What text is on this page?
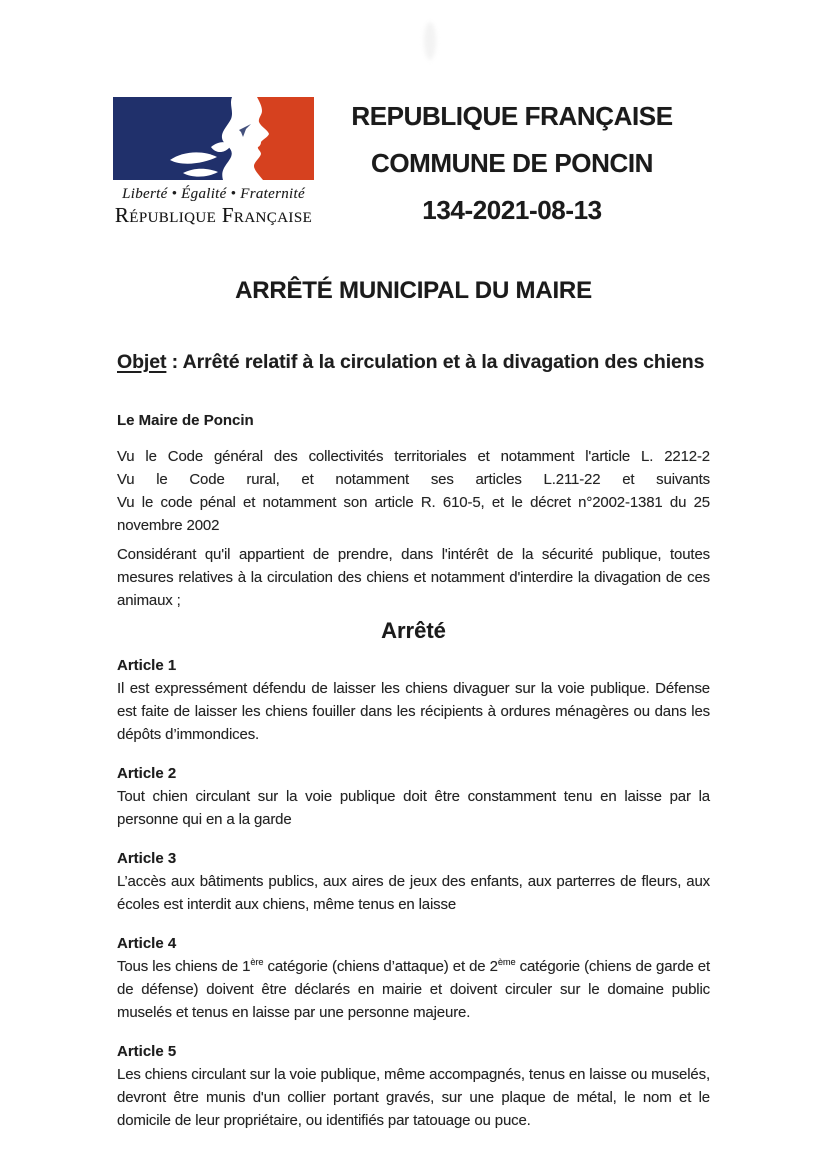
Liberté • Égalité • Fraternité
République Française
REPUBLIQUE FRANÇAISE
COMMUNE DE PONCIN
134-2021-08-13
ARRÊTÉ MUNICIPAL DU MAIRE

Objet : Arrêté relatif à la circulation et à la divagation des chiens

Le Maire de Poncin

Vu le Code général des collectivités territoriales et notamment l'article L. 2212-2
Vu le Code rural, et notamment ses articles L.211-22 et suivants
Vu le code pénal et notamment son article R. 610-5, et le décret n°2002-1381 du 25 novembre 2002

Considérant qu'il appartient de prendre, dans l'intérêt de la sécurité publique, toutes mesures relatives à la circulation des chiens et notamment d'interdire la divagation de ces animaux ;

Arrêté
Article 1

Il est expressément défendu de laisser les chiens divaguer sur la voie publique. Défense est faite de laisser les chiens fouiller dans les récipients à ordures ménagères ou dans les dépôts d’immondices.

Article 2

Tout chien circulant sur la voie publique doit être constamment tenu en laisse par la personne qui en a la garde

Article 3

L’accès aux bâtiments publics, aux aires de jeux des enfants, aux parterres de fleurs, aux écoles est interdit aux chiens, même tenus en laisse

Article 4

Tous les chiens de 1ère catégorie (chiens d’attaque) et de 2ème catégorie (chiens de garde et de défense) doivent être déclarés en mairie et doivent circuler sur le domaine public muselés et tenus en laisse par une personne majeure.

Article 5

Les chiens circulant sur la voie publique, même accompagnés, tenus en laisse ou muselés, devront être munis d'un collier portant gravés, sur une plaque de métal, le nom et le domicile de leur propriétaire, ou identifiés par tatouage ou puce.
